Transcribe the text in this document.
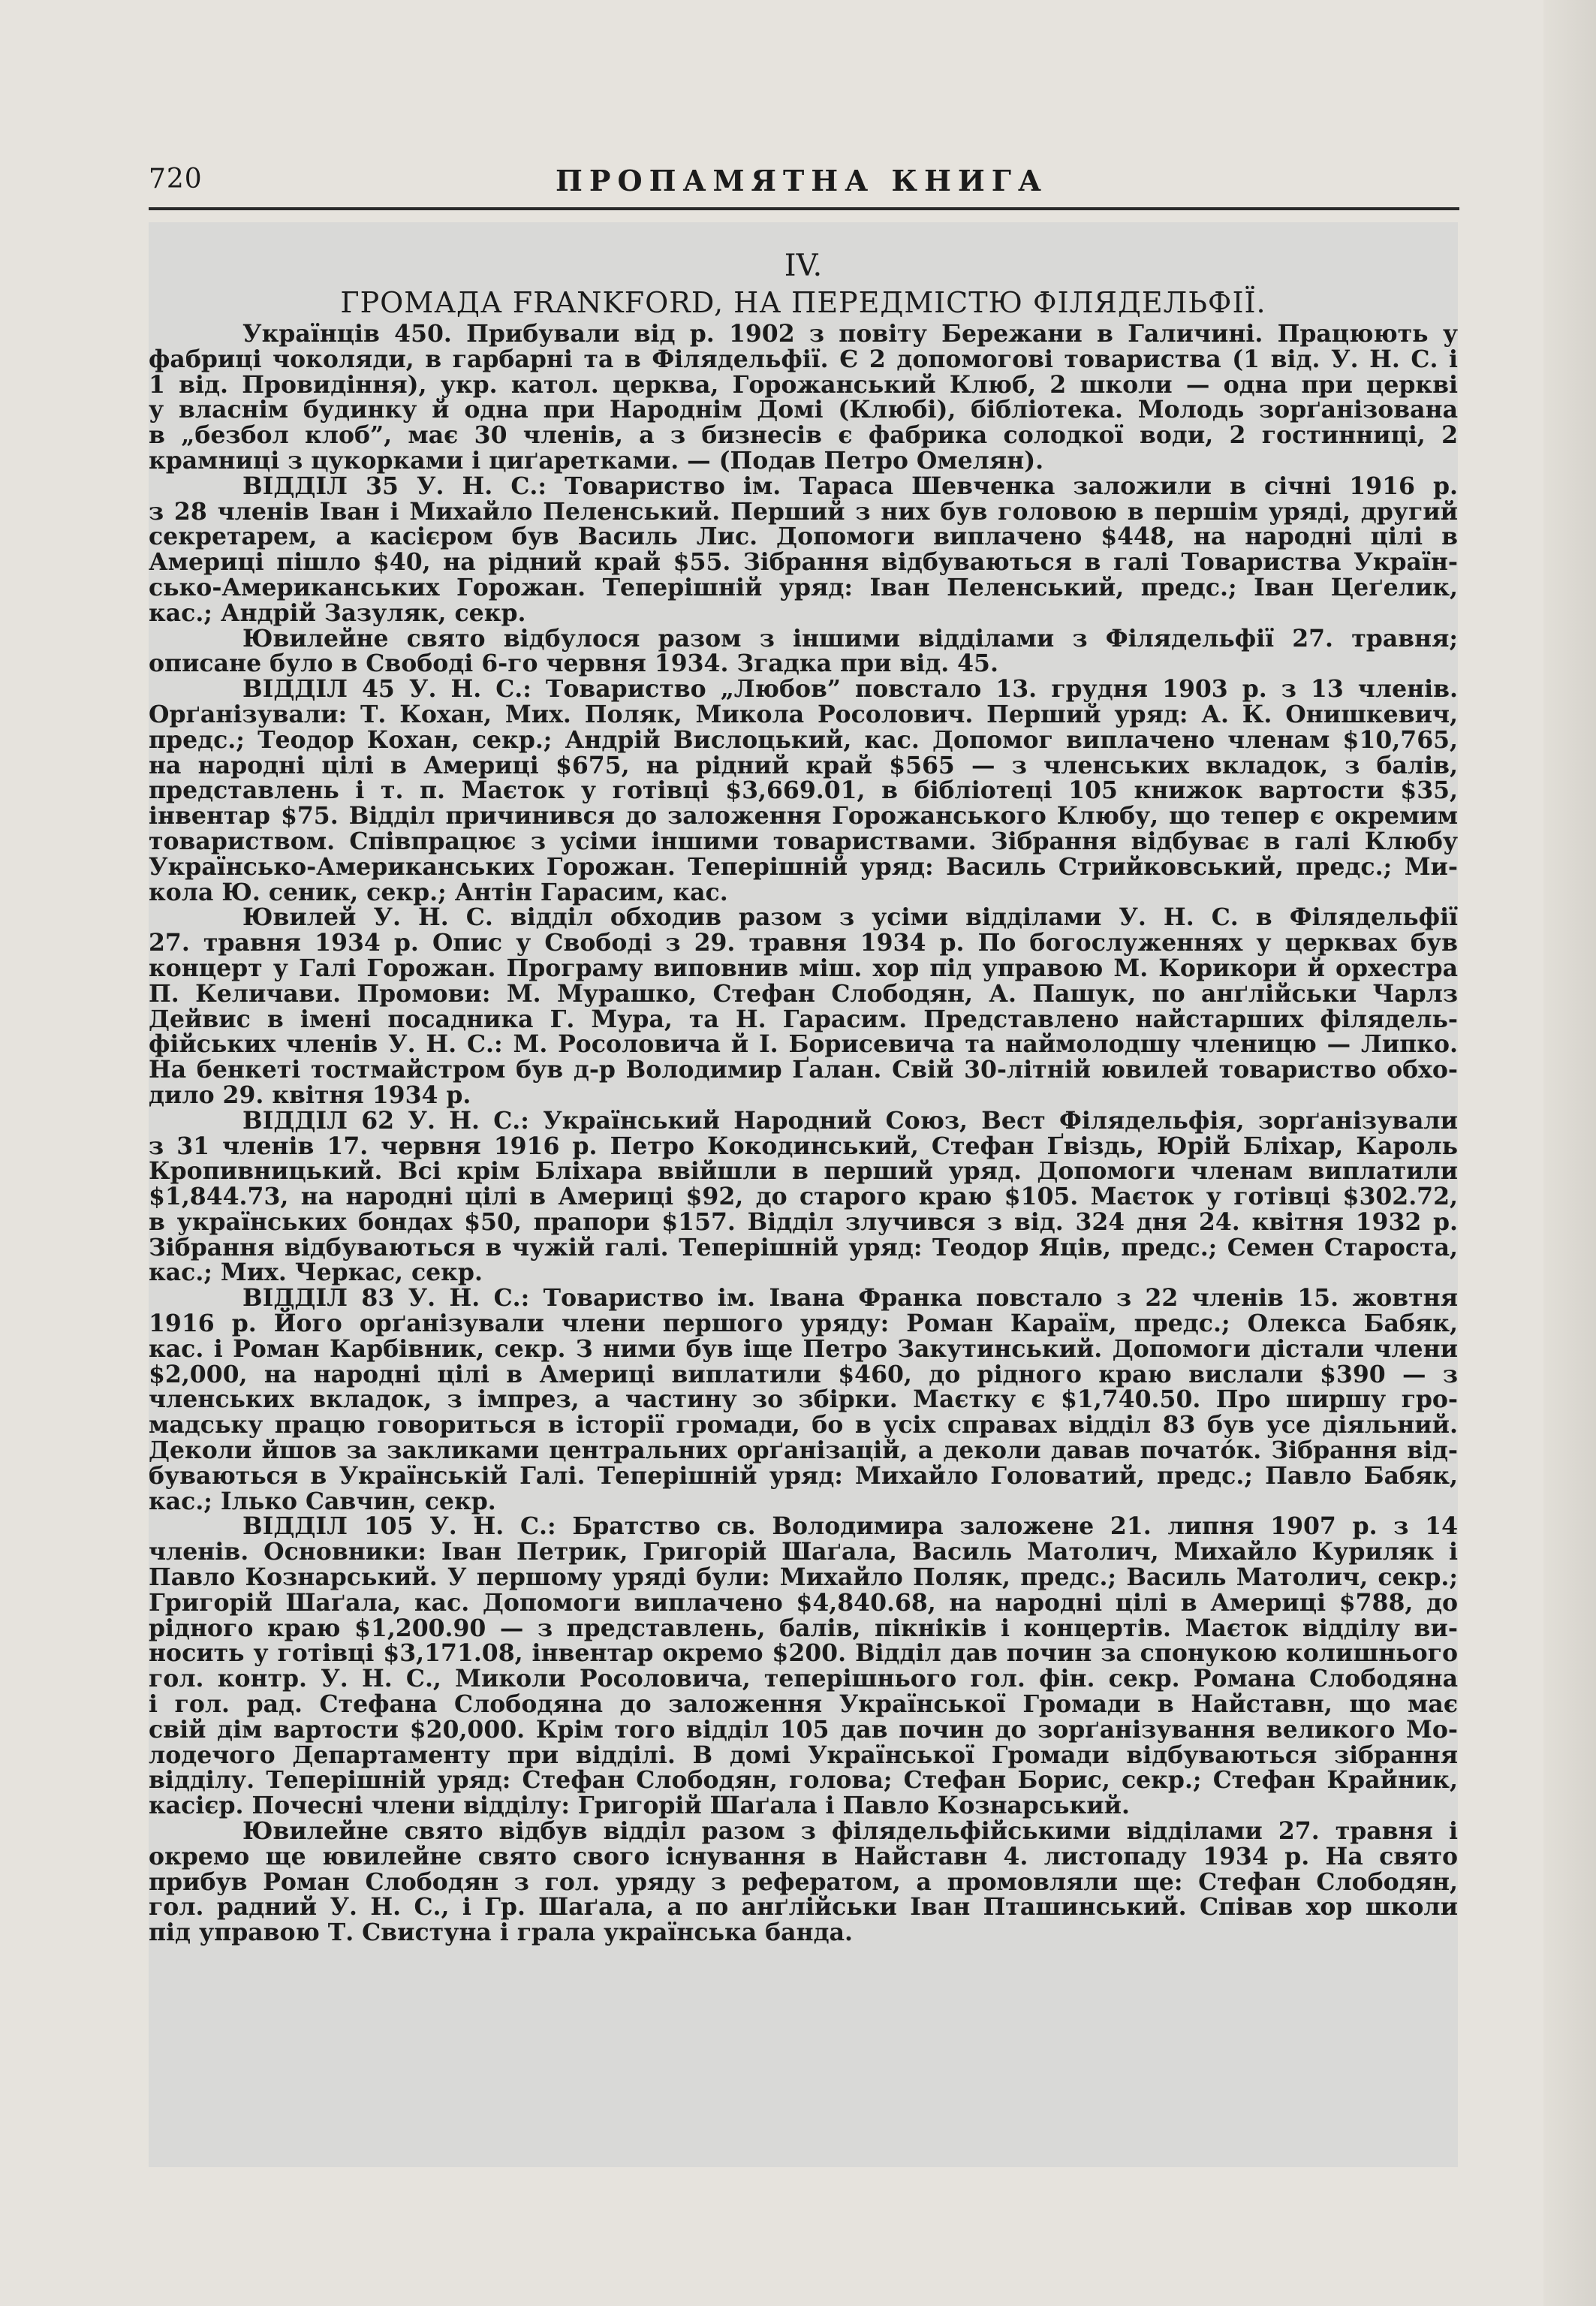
720	ПРОПАМЯТНА КНИГА
IV.
ГРОМАДА FRANKFORD, НА ПЕРЕДМІСТЮ ФІЛЯДЕЛЬФІЇ.
Українців 450. Прибували від р. 1902 з повіту Бережани в Галичині. Працюють у
фабриці чоколяди, в гарбарні та в Філядельфії. Є 2 допомогові товариства (1 від. У. Н. С. і
1 від. Провидіння), укр. катол. церква, Горожанський Клюб, 2 школи — одна при церкві
у власнім будинку й одна при Народнім Домі (Клюбі), бібліотека. Молодь зорґанізована
в „безбол клоб”, має 30 членів, а з бизнесів є фабрика солодкої води, 2 гостинниці, 2
крамниці з цукорками і циґаретками. — (Подав Петро Омелян).
ВІДДІЛ 35 У. Н. С.: Товариство ім. Тараса Шевченка заложили в січні 1916 р.
з 28 членів Іван і Михайло Пеленський. Перший з них був головою в першім уряді, другий
секретарем, а касієром був Василь Лис. Допомоги виплачено $448, на народні цілі в
Америці пішло $40, на рідний край $55. Зібрання відбуваються в галі Товариства Україн-
сько-Американських Горожан. Теперішній уряд: Іван Пеленський, предс.; Іван Цеґелик,
кас.; Андрій Зазуляк, секр.
Ювилейне свято відбулося разом з іншими відділами з Філядельфії 27. травня;
описане було в Свободі 6-го червня 1934. Згадка при від. 45.
ВІДДІЛ 45 У. Н. С.: Товариство „Любов” повстало 13. грудня 1903 р. з 13 членів.
Орґанізували: Т. Кохан, Мих. Поляк, Микола Росолович. Перший уряд: А. К. Онишкевич,
предс.; Теодор Кохан, секр.; Андрій Вислоцький, кас. Допомог виплачено членам $10,765,
на народні цілі в Америці $675, на рідний край $565 — з членських вкладок, з балів,
представлень і т. п. Маєток у готівці $3,669.01, в бібліотеці 105 книжок вартости $35,
інвентар $75. Відділ причинився до заложення Горожанського Клюбу, що тепер є окремим
товариством. Співпрацює з усіми іншими товариствами. Зібрання відбуває в галі Клюбу
Українсько-Американських Горожан. Теперішній уряд: Василь Стрийковський, предс.; Ми-
кола Ю. сеник, секр.; Антін Гарасим, кас.
Ювилей У. Н. С. відділ обходив разом з усіми відділами У. Н. С. в Філядельфії
27. травня 1934 р. Опис у Свободі з 29. травня 1934 р. По богослуженнях у церквах був
концерт у Галі Горожан. Програму виповнив міш. хор під управою М. Корикори й орхестра
П. Келичави. Промови: М. Мурашко, Стефан Слободян, А. Пашук, по анґлійськи Чарлз
Дейвис в імені посадника Г. Мура, та Н. Гарасим. Представлено найстарших філядель-
фійських членів У. Н. С.: М. Росоловича й І. Борисевича та наймолодшу членицю — Липко.
На бенкеті тостмайстром був д-р Володимир Ґалан. Свій 30-літній ювилей товариство обхо-
дило 29. квітня 1934 р.
ВІДДІЛ 62 У. Н. С.: Український Народний Союз, Вест Філядельфія, зорґанізували
з 31 членів 17. червня 1916 р. Петро Кокодинський, Стефан Ґвіздь, Юрій Бліхар, Кароль
Кропивницький. Всі крім Бліхара ввійшли в перший уряд. Допомоги членам виплатили
$1,844.73, на народні цілі в Америці $92, до старого краю $105. Маєток у готівці $302.72,
в українських бондах $50, прапори $157. Відділ злучився з від. 324 дня 24. квітня 1932 р.
Зібрання відбуваються в чужій галі. Теперішній уряд: Теодор Яців, предс.; Семен Староста,
кас.; Мих. Черкас, секр.
ВІДДІЛ 83 У. Н. С.: Товариство ім. Івана Франка повстало з 22 членів 15. жовтня
1916 р. Його орґанізували члени першого уряду: Роман Караїм, предс.; Олекса Бабяк,
кас. і Роман Карбівник, секр. З ними був іще Петро Закутинський. Допомоги дістали члени
$2,000, на народні цілі в Америці виплатили $460, до рідного краю вислали $390 — з
членських вкладок, з імпрез, а частину зо збірки. Маєтку є $1,740.50. Про ширшу гро-
мадську працю говориться в історії громади, бо в усіх справах відділ 83 був усе діяльний.
Деколи йшов за закликами центральних орґанізацій, а деколи давав почато́к. Зібрання від-
буваються в Українській Галі. Теперішній уряд: Михайло Головатий, предс.; Павло Бабяк,
кас.; Ілько Савчин, секр.
ВІДДІЛ 105 У. Н. С.: Братство св. Володимира заложене 21. липня 1907 р. з 14
членів. Основники: Іван Петрик, Григорій Шаґала, Василь Матолич, Михайло Куриляк і
Павло Кознарський. У першому уряді були: Михайло Поляк, предс.; Василь Матолич, секр.;
Григорій Шаґала, кас. Допомоги виплачено $4,840.68, на народні цілі в Америці $788, до
рідного краю $1,200.90 — з представлень, балів, пікніків і концертів. Маєток відділу ви-
носить у готівці $3,171.08, інвентар окремо $200. Відділ дав почин за спонукою колишнього
гол. контр. У. Н. С., Миколи Росоловича, теперішнього гол. фін. секр. Романа Слободяна
і гол. рад. Стефана Слободяна до заложення Української Громади в Найставн, що має
свій дім вартости $20,000. Крім того відділ 105 дав почин до зорґанізування великого Мо-
лодечого Департаменту при відділі. В домі Української Громади відбуваються зібрання
відділу. Теперішній уряд: Стефан Слободян, голова; Стефан Борис, секр.; Стефан Крайник,
касієр. Почесні члени відділу: Григорій Шаґала і Павло Кознарський.
Ювилейне свято відбув відділ разом з філядельфійськими відділами 27. травня і
окремо ще ювилейне свято свого існування в Найставн 4. листопаду 1934 р. На свято
прибув Роман Слободян з гол. уряду з рефератом, а промовляли ще: Стефан Слободян,
гол. радний У. Н. С., і Гр. Шаґала, а по анґлійськи Іван Пташинський. Співав хор школи
під управою Т. Свистуна і грала українська банда.
